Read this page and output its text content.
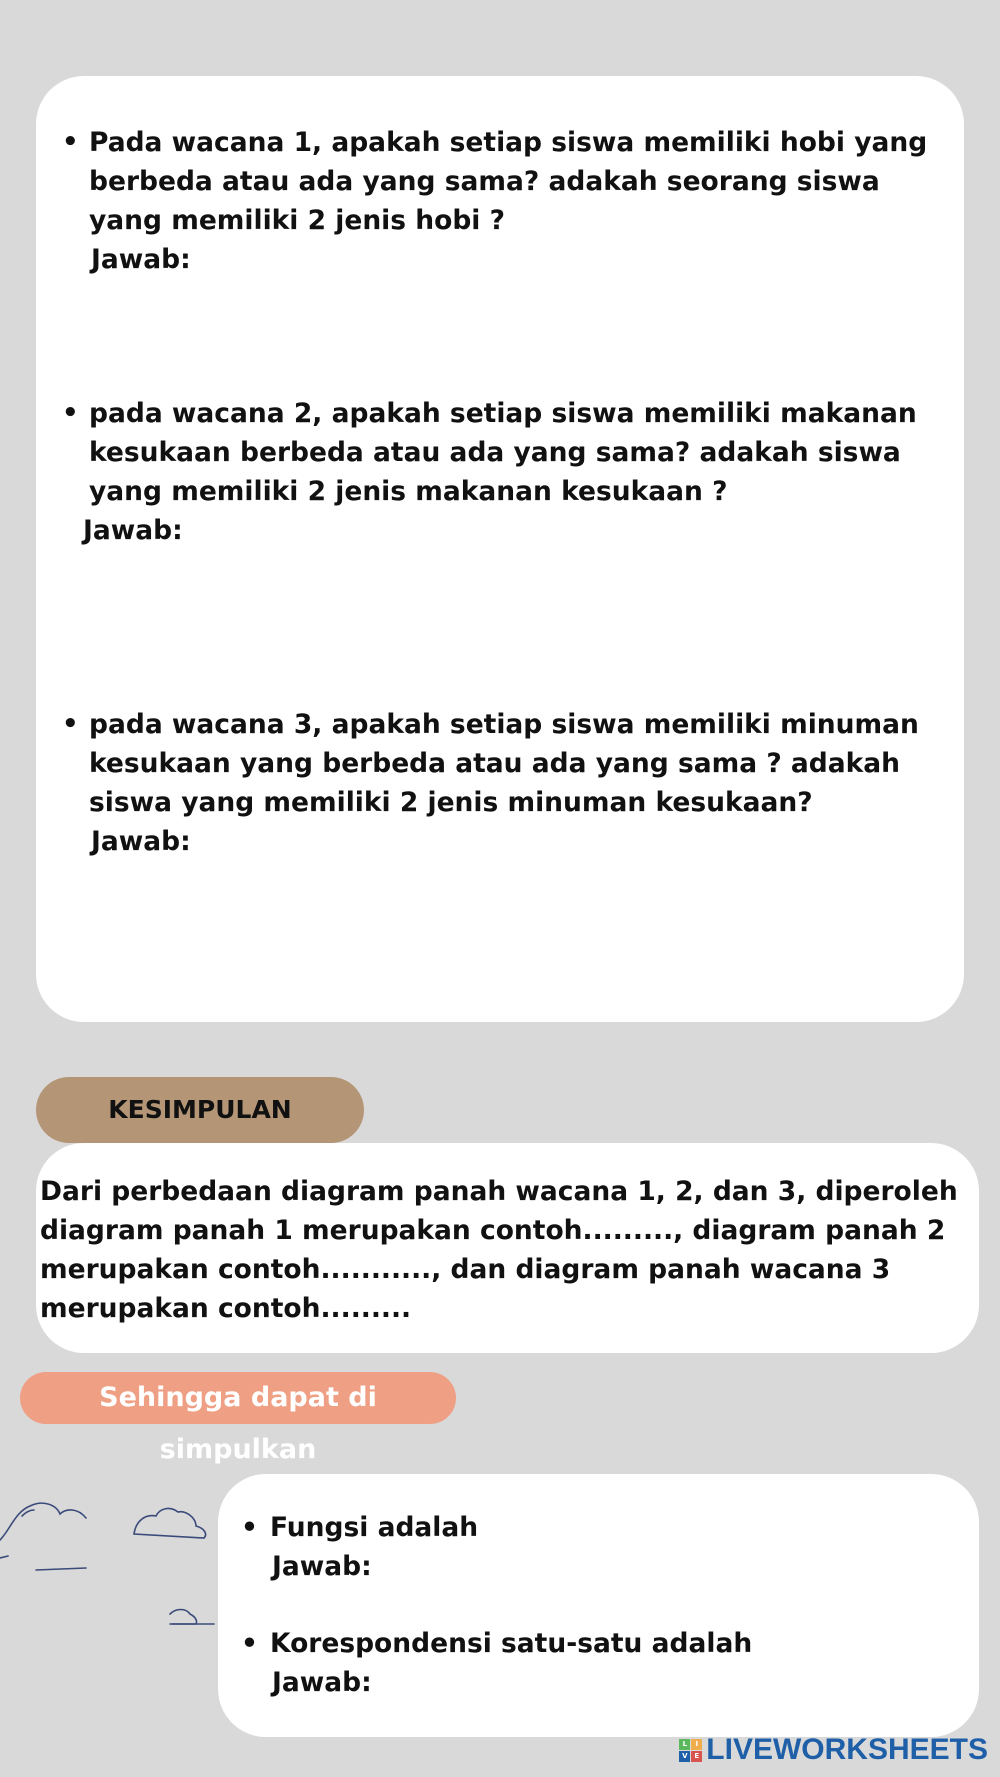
• Pada wacana 1, apakah setiap siswa memiliki hobi yang berbeda atau ada yang sama? adakah seorang siswa yang memiliki 2 jenis hobi ?
Jawab:
• pada wacana 2, apakah setiap siswa memiliki makanan kesukaan berbeda atau ada yang sama? adakah siswa yang memiliki 2 jenis makanan kesukaan ?
Jawab:
• pada wacana 3, apakah setiap siswa memiliki minuman kesukaan yang berbeda atau ada yang sama ? adakah siswa yang memiliki 2 jenis minuman kesukaan?
Jawab:
KESIMPULAN
Dari perbedaan diagram panah wacana 1, 2, dan 3, diperoleh diagram panah 1 merupakan contoh........., diagram panah 2 merupakan contoh..........., dan diagram panah wacana 3 merupakan contoh.........
Sehingga dapat di simpulkan
• Fungsi adalah
Jawab:
• Korespondensi satu-satu adalah
Jawab:
L	I
V E LIVEWORKSHEETS
